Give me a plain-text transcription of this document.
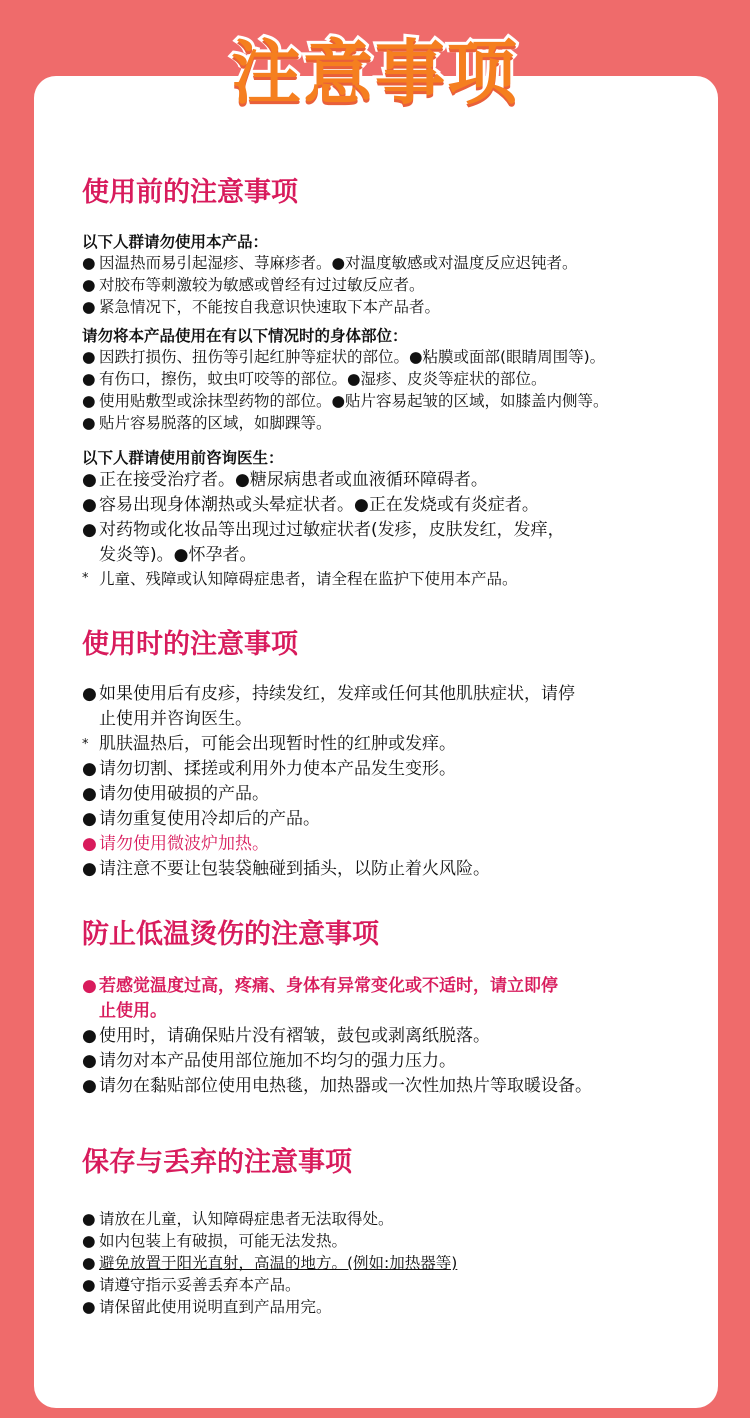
注意事项
使用前的注意事项
以下人群请勿使用本产品：
● 因温热而易引起湿疹、荨麻疹者。●对温度敏感或对温度反应迟钝者。
● 对胶布等刺激较为敏感或曾经有过过敏反应者。
● 紧急情况下，不能按自我意识快速取下本产品者。
请勿将本产品使用在有以下情况时的身体部位：
● 因跌打损伤、扭伤等引起红肿等症状的部位。●粘膜或面部(眼睛周围等)。
● 有伤口，擦伤，蚊虫叮咬等的部位。●湿疹、皮炎等症状的部位。
● 使用贴敷型或涂抹型药物的部位。●贴片容易起皱的区域，如膝盖内侧等。
● 贴片容易脱落的区域，如脚踝等。
以下人群请使用前咨询医生：
● 正在接受治疗者。●糖尿病患者或血液循环障碍者。
● 容易出现身体潮热或头晕症状者。●正在发烧或有炎症者。
● 对药物或化妆品等出现过过敏症状者(发疹，皮肤发红，发痒，
发炎等)。●怀孕者。
* 儿童、残障或认知障碍症患者，请全程在监护下使用本产品。
使用时的注意事项
● 如果使用后有皮疹，持续发红，发痒或任何其他肌肤症状，请停
止使用并咨询医生。
* 肌肤温热后，可能会出现暂时性的红肿或发痒。
● 请勿切割、揉搓或利用外力使本产品发生变形。
● 请勿使用破损的产品。
● 请勿重复使用冷却后的产品。
● 请勿使用微波炉加热。
● 请注意不要让包装袋触碰到插头，以防止着火风险。
防止低温烫伤的注意事项
● 若感觉温度过高，疼痛、身体有异常变化或不适时，请立即停
止使用。
● 使用时，请确保贴片没有褶皱，鼓包或剥离纸脱落。
● 请勿对本产品使用部位施加不均匀的强力压力。
● 请勿在黏贴部位使用电热毯，加热器或一次性加热片等取暖设备。
保存与丢弃的注意事项
● 请放在儿童，认知障碍症患者无法取得处。
● 如内包装上有破损，可能无法发热。
● 避免放置于阳光直射，高温的地方。(例如:加热器等)
● 请遵守指示妥善丢弃本产品。
● 请保留此使用说明直到产品用完。
